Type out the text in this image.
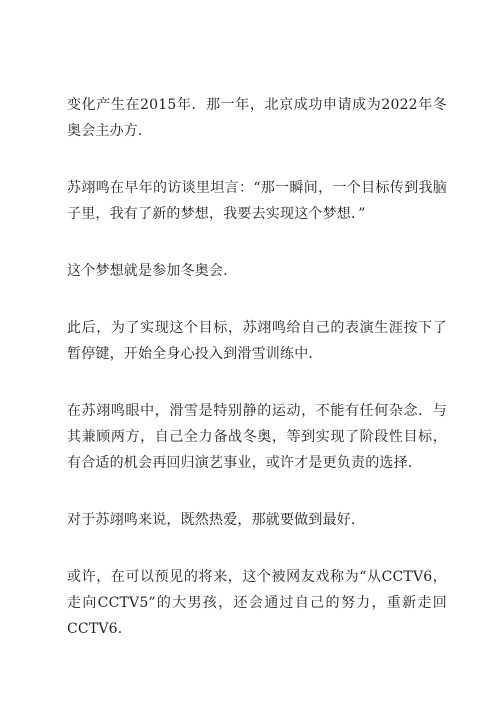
变化产生在2015年．那一年，北京成功申请成为2022年冬奥会主办方．

苏翊鸣在早年的访谈里坦言：“那一瞬间，一个目标传到我脑子里，我有了新的梦想，我要去实现这个梦想．”

这个梦想就是参加冬奥会．

此后，为了实现这个目标，苏翊鸣给自己的表演生涯按下了暂停键，开始全身心投入到滑雪训练中．

在苏翊鸣眼中，滑雪是特别静的运动，不能有任何杂念．与其兼顾两方，自己全力备战冬奥，等到实现了阶段性目标，有合适的机会再回归演艺事业，或许才是更负责的选择．

对于苏翊鸣来说，既然热爱，那就要做到最好．

或许，在可以预见的将来，这个被网友戏称为“从CCTV6，走向CCTV5”的大男孩，还会通过自己的努力，重新走回CCTV6．
